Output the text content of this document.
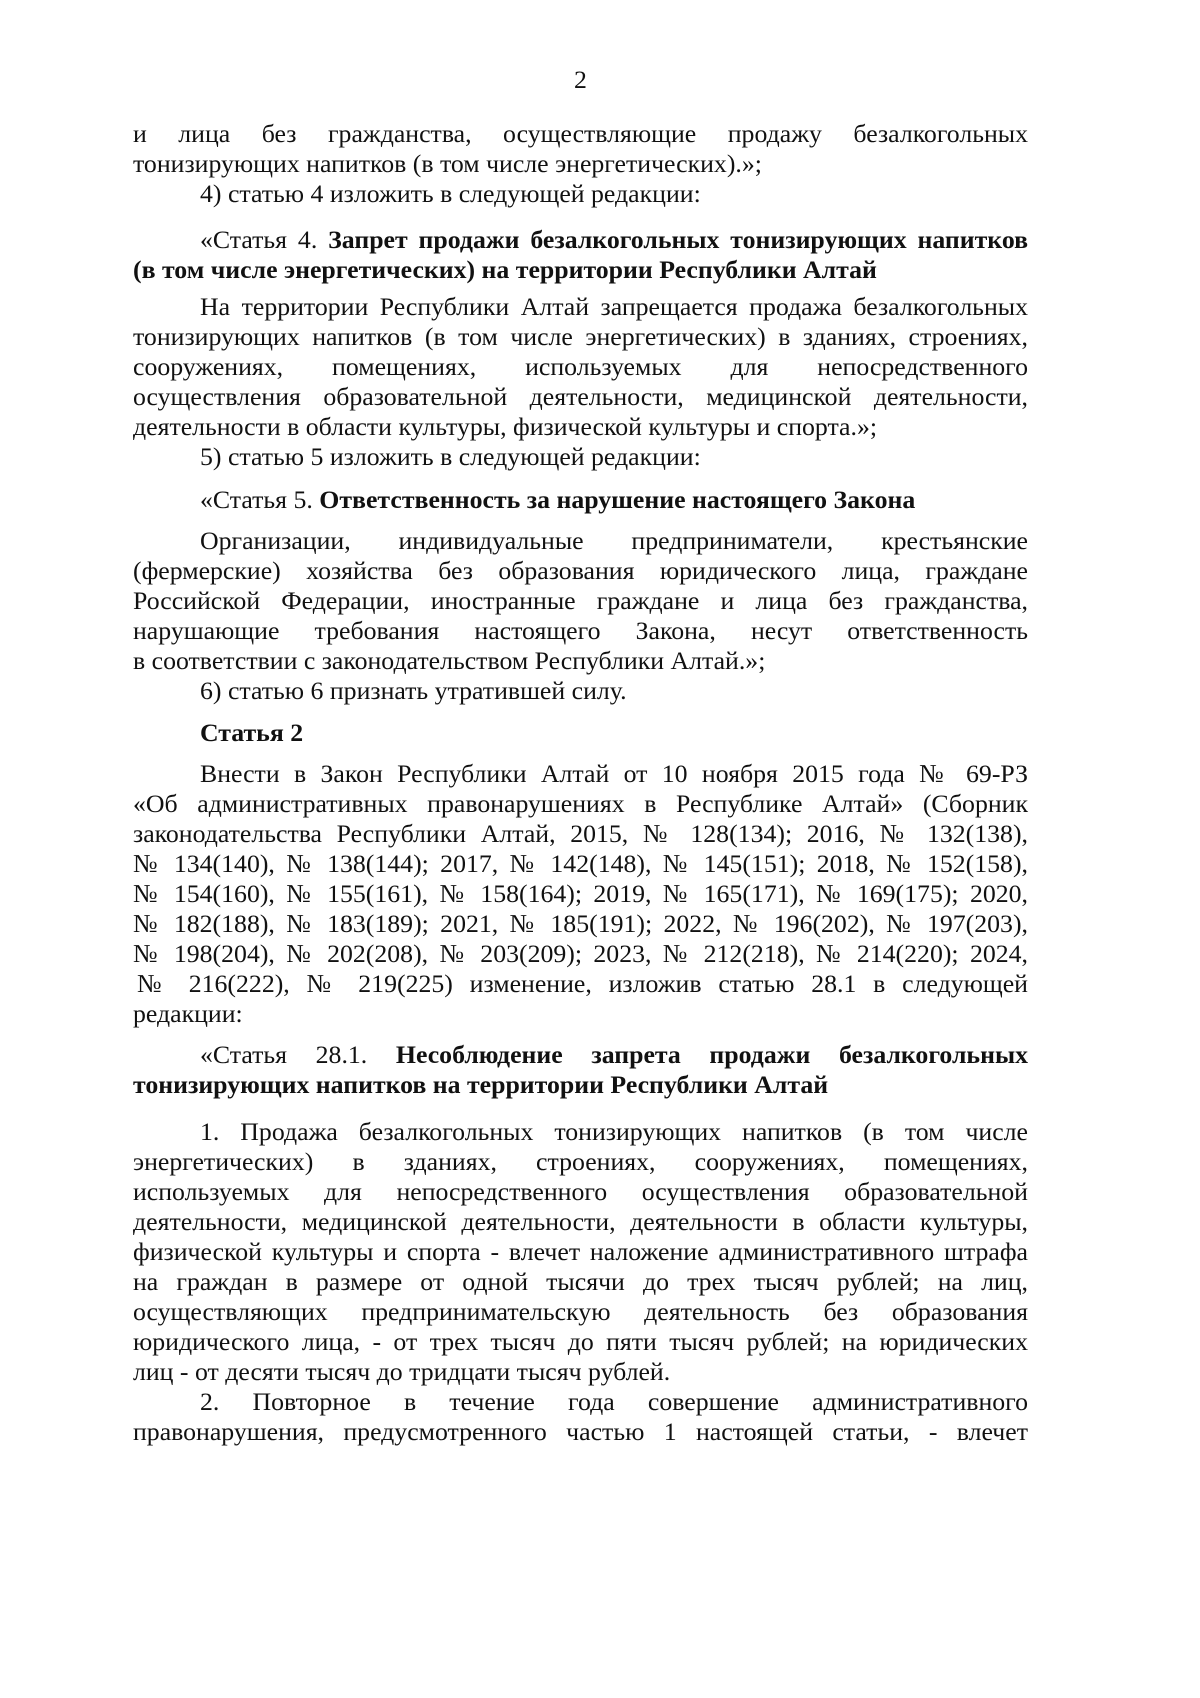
2
и лица без гражданства, осуществляющие продажу безалкогольных
тонизирующих напитков (в том числе энергетических).»;
4) статью 4 изложить в следующей редакции:
«Статья 4. Запрет продажи безалкогольных тонизирующих напитков
(в том числе энергетических) на территории Республики Алтай
На территории Республики Алтай запрещается продажа безалкогольных
тонизирующих напитков (в том числе энергетических) в зданиях, строениях,
сооружениях, помещениях, используемых для непосредственного
осуществления образовательной деятельности, медицинской деятельности,
деятельности в области культуры, физической культуры и спорта.»;
5) статью 5 изложить в следующей редакции:
«Статья 5. Ответственность за нарушение настоящего Закона
Организации, индивидуальные предприниматели, крестьянские
(фермерские) хозяйства без образования юридического лица, граждане
Российской Федерации, иностранные граждане и лица без гражданства,
нарушающие требования настоящего Закона, несут ответственность
в соответствии с законодательством Республики Алтай.»;
6) статью 6 признать утратившей силу.
Статья 2
Внести в Закон Республики Алтай от 10 ноября 2015 года № 69-РЗ
«Об административных правонарушениях в Республике Алтай» (Сборник
законодательства Республики Алтай, 2015, № 128(134); 2016, № 132(138),
№ 134(140), № 138(144); 2017, № 142(148), № 145(151); 2018, № 152(158),
№ 154(160), № 155(161), № 158(164); 2019, № 165(171), № 169(175); 2020,
№ 182(188), № 183(189); 2021, № 185(191); 2022, № 196(202), № 197(203),
№ 198(204), № 202(208), № 203(209); 2023, № 212(218), № 214(220); 2024,
№ 216(222), № 219(225) изменение, изложив статью 28.1 в следующей
редакции:
«Статья 28.1. Несоблюдение запрета продажи безалкогольных
тонизирующих напитков на территории Республики Алтай
1. Продажа безалкогольных тонизирующих напитков (в том числе
энергетических) в зданиях, строениях, сооружениях, помещениях,
используемых для непосредственного осуществления образовательной
деятельности, медицинской деятельности, деятельности в области культуры,
физической культуры и спорта - влечет наложение административного штрафа
на граждан в размере от одной тысячи до трех тысяч рублей; на лиц,
осуществляющих предпринимательскую деятельность без образования
юридического лица, - от трех тысяч до пяти тысяч рублей; на юридических
лиц - от десяти тысяч до тридцати тысяч рублей.
2. Повторное в течение года совершение административного
правонарушения, предусмотренного частью 1 настоящей статьи, - влечет
